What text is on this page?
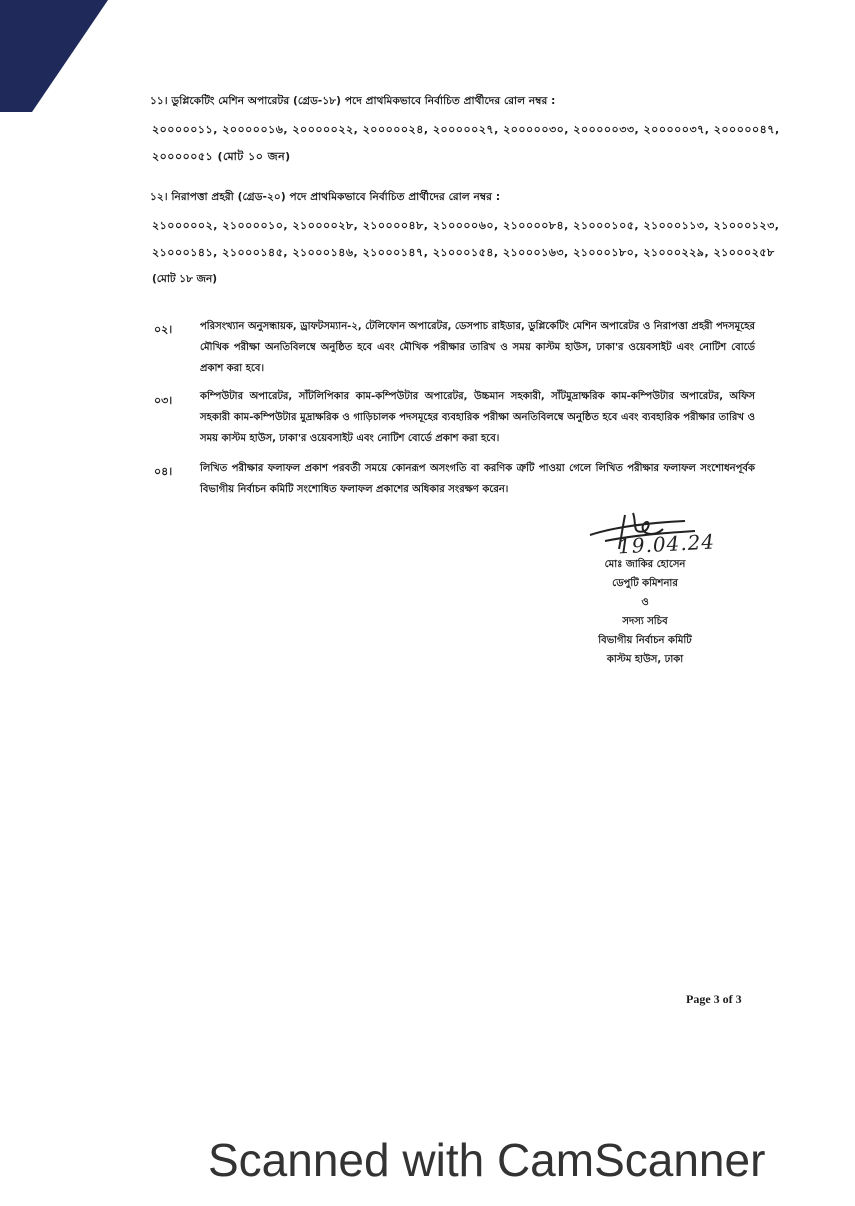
১১। ডুপ্লিকেটিং মেশিন অপারেটর (গ্রেড-১৮) পদে প্রাথমিকভাবে নির্বাচিত প্রার্থীদের রোল নম্বর :
২০০০০০১১, ২০০০০০১৬, ২০০০০০২২, ২০০০০০২৪, ২০০০০০২৭, ২০০০০০৩০, ২০০০০০৩৩, ২০০০০০৩৭, ২০০০০০৪৭,
২০০০০০৫১ (মোট ১০ জন)
১২। নিরাপত্তা প্রহরী (গ্রেড-২০) পদে প্রাথমিকভাবে নির্বাচিত প্রার্থীদের রোল নম্বর :
২১০০০০০২, ২১০০০০১০, ২১০০০০২৮, ২১০০০০৪৮, ২১০০০০৬০, ২১০০০০৮৪, ২১০০০১০৫, ২১০০০১১৩, ২১০০০১২৩,
২১০০০১৪১, ২১০০০১৪৫, ২১০০০১৪৬, ২১০০০১৪৭, ২১০০০১৫৪, ২১০০০১৬৩, ২১০০০১৮০, ২১০০০২২৯, ২১০০০২৫৮
(মোট ১৮ জন)
০২।	পরিসংখ্যান অনুসন্ধায়ক, ড্রাফটসম্যান-২, টেলিফোন অপারেটর, ডেসপাচ রাইডার, ডুপ্লিকেটিং মেশিন অপারেটর ও নিরাপত্তা প্রহরী পদসমূহের মৌখিক পরীক্ষা অনতিবিলম্বে অনুষ্ঠিত হবে এবং মৌখিক পরীক্ষার তারিখ ও সময় কাস্টম হাউস, ঢাকা'র ওয়েবসাইট এবং নোটিশ বোর্ডে প্রকাশ করা হবে।
০৩।	কম্পিউটার অপারেটর, সাঁটলিপিকার কাম-কম্পিউটার অপারেটর, উচ্চমান সহকারী, সাঁটমুদ্রাক্ষরিক কাম-কম্পিউটার অপারেটর, অফিস সহকারী কাম-কম্পিউটার মুদ্রাক্ষরিক ও গাড়িচালক পদসমূহের ব্যবহারিক পরীক্ষা অনতিবিলম্বে অনুষ্ঠিত হবে এবং ব্যবহারিক পরীক্ষার তারিখ ও সময় কাস্টম হাউস, ঢাকা'র ওয়েবসাইট এবং নোটিশ বোর্ডে প্রকাশ করা হবে।
০৪।	লিখিত পরীক্ষার ফলাফল প্রকাশ পরবর্তী সময়ে কোনরূপ অসংগতি বা করণিক ত্রুটি পাওয়া গেলে লিখিত পরীক্ষার ফলাফল সংশোধনপূর্বক বিভাগীয় নির্বাচন কমিটি সংশোধিত ফলাফল প্রকাশের অধিকার সংরক্ষণ করেন।
19.04.24
মোঃ জাকির হোসেন
ডেপুটি কমিশনার
ও
সদস্য সচিব
বিভাগীয় নির্বাচন কমিটি
কাস্টম হাউস, ঢাকা
Page 3 of 3
Scanned with CamScanner
